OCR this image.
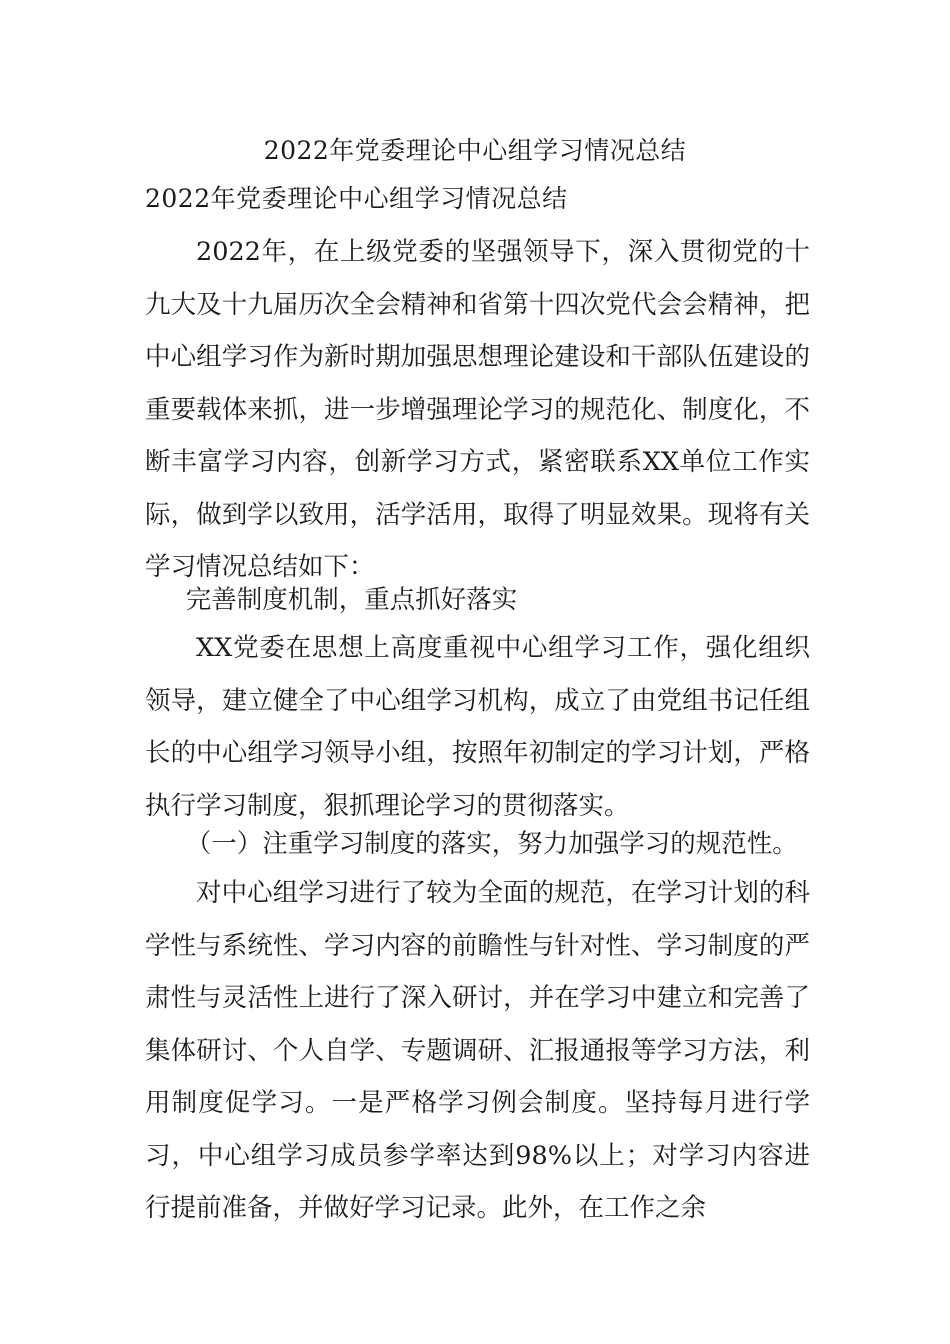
2022年党委理论中心组学习情况总结
2022年党委理论中心组学习情况总结

2022年，在上级党委的坚强领导下，深入贯彻党的十九大及十九届历次全会精神和省第十四次党代会会精神，把中心组学习作为新时期加强思想理论建设和干部队伍建设的重要载体来抓，进一步增强理论学习的规范化、制度化，不断丰富学习内容，创新学习方式，紧密联系XX单位工作实际，做到学以致用，活学活用，取得了明显效果。现将有关学习情况总结如下：

完善制度机制，重点抓好落实

XX党委在思想上高度重视中心组学习工作，强化组织领导，建立健全了中心组学习机构，成立了由党组书记任组长的中心组学习领导小组，按照年初制定的学习计划，严格执行学习制度，狠抓理论学习的贯彻落实。

（一）注重学习制度的落实，努力加强学习的规范性。

对中心组学习进行了较为全面的规范，在学习计划的科学性与系统性、学习内容的前瞻性与针对性、学习制度的严肃性与灵活性上进行了深入研讨，并在学习中建立和完善了集体研讨、个人自学、专题调研、汇报通报等学习方法，利用制度促学习。一是严格学习例会制度。坚持每月进行学习，中心组学习成员参学率达到98%以上；对学习内容进行提前准备，并做好学习记录。此外，在工作之余
